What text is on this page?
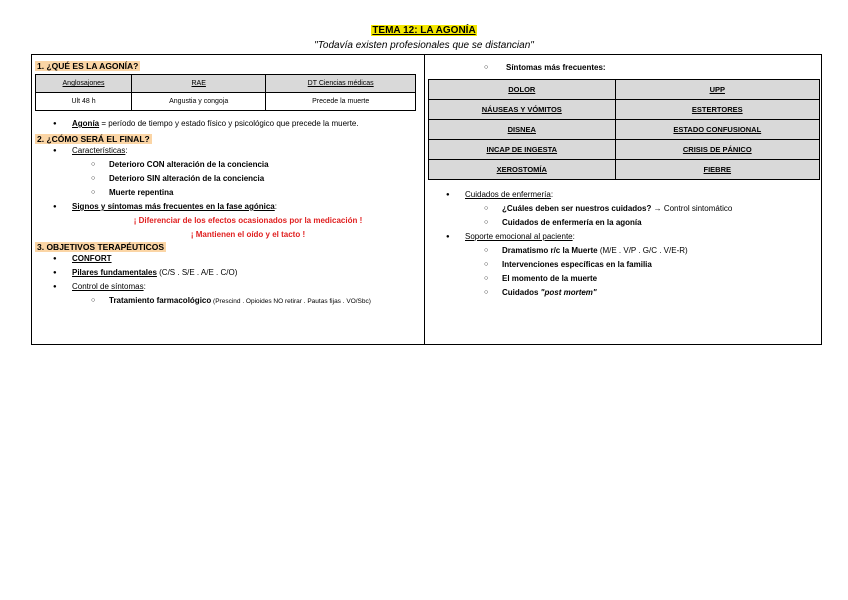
TEMA 12: LA AGONÍA
"Todavía existen profesionales que se distancian"
1. ¿QUÉ ES LA AGONÍA?
Anglosajones	RAE	DT Ciencias médicas
Ult 48 h	Angustia y congoja	Precede la muerte
● Agonía = período de tiempo y estado físico y psicológico que precede la muerte.
2. ¿CÓMO SERÁ EL FINAL?
● Características:
○ Deterioro CON alteración de la conciencia
○ Deterioro SIN alteración de la conciencia
○ Muerte repentina
● Signos y síntomas más frecuentes en la fase agónica:
¡ Diferenciar de los efectos ocasionados por la medicación !
¡ Mantienen el oído y el tacto !
3. OBJETIVOS TERAPÉUTICOS
● CONFORT
● Pilares fundamentales (C/S . S/E . A/E . C/O)
● Control de síntomas:
○ Tratamiento farmacológico (Prescind . Opioides NO retirar . Pautas fijas . VO/Sbc)
○ Síntomas más frecuentes:
DOLOR	UPP
NÁUSEAS Y VÓMITOS	ESTERTORES
DISNEA	ESTADO CONFUSIONAL
INCAP DE INGESTA	CRISIS DE PÁNICO
XEROSTOMÍA	FIEBRE
● Cuidados de enfermería:
○ ¿Cuáles deben ser nuestros cuidados? → Control sintomático
○ Cuidados de enfermería en la agonía
● Soporte emocional al paciente:
○ Dramatismo r/c la Muerte (M/E . V/P . G/C . V/E-R)
○ Intervenciones específicas en la familia
○ El momento de la muerte
○ Cuidados "post mortem"
